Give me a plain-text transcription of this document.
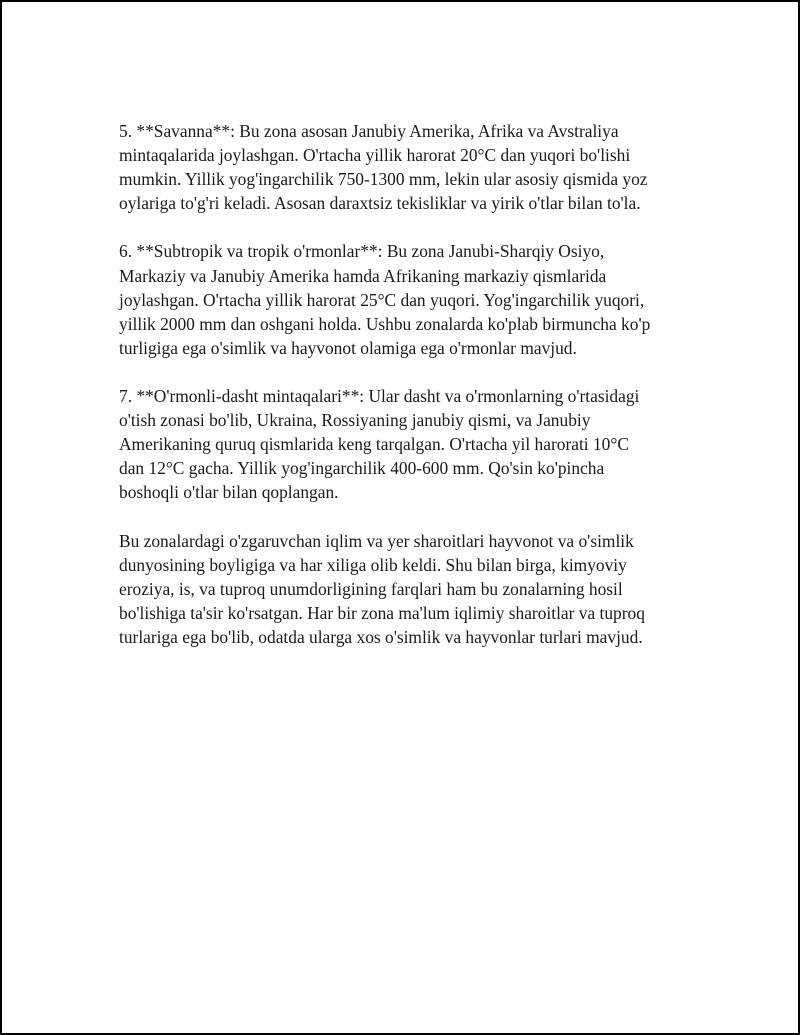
5. **Savanna**: Bu zona asosan Janubiy Amerika, Afrika va Avstraliya
mintaqalarida joylashgan. O'rtacha yillik harorat 20°C dan yuqori bo'lishi
mumkin. Yillik yog'ingarchilik 750-1300 mm, lekin ular asosiy qismida yoz
oylariga to'g'ri keladi. Asosan daraxtsiz tekisliklar va yirik o'tlar bilan to'la.

6. **Subtropik va tropik o'rmonlar**: Bu zona Janubi-Sharqiy Osiyo,
Markaziy va Janubiy Amerika hamda Afrikaning markaziy qismlarida
joylashgan. O'rtacha yillik harorat 25°C dan yuqori. Yog'ingarchilik yuqori,
yillik 2000 mm dan oshgani holda. Ushbu zonalarda ko'plab birmuncha ko'p
turligiga ega o'simlik va hayvonot olamiga ega o'rmonlar mavjud.

7. **O'rmonli-dasht mintaqalari**: Ular dasht va o'rmonlarning o'rtasidagi
o'tish zonasi bo'lib, Ukraina, Rossiyaning janubiy qismi, va Janubiy
Amerikaning quruq qismlarida keng tarqalgan. O'rtacha yil harorati 10°C
dan 12°C gacha. Yillik yog'ingarchilik 400-600 mm. Qo'sin ko'pincha
boshoqli o'tlar bilan qoplangan.

Bu zonalardagi o'zgaruvchan iqlim va yer sharoitlari hayvonot va o'simlik
dunyosining boyligiga va har xiliga olib keldi. Shu bilan birga, kimyoviy
eroziya, is, va tuproq unumdorligining farqlari ham bu zonalarning hosil
bo'lishiga ta'sir ko'rsatgan. Har bir zona ma'lum iqlimiy sharoitlar va tuproq
turlariga ega bo'lib, odatda ularga xos o'simlik va hayvonlar turlari mavjud.
